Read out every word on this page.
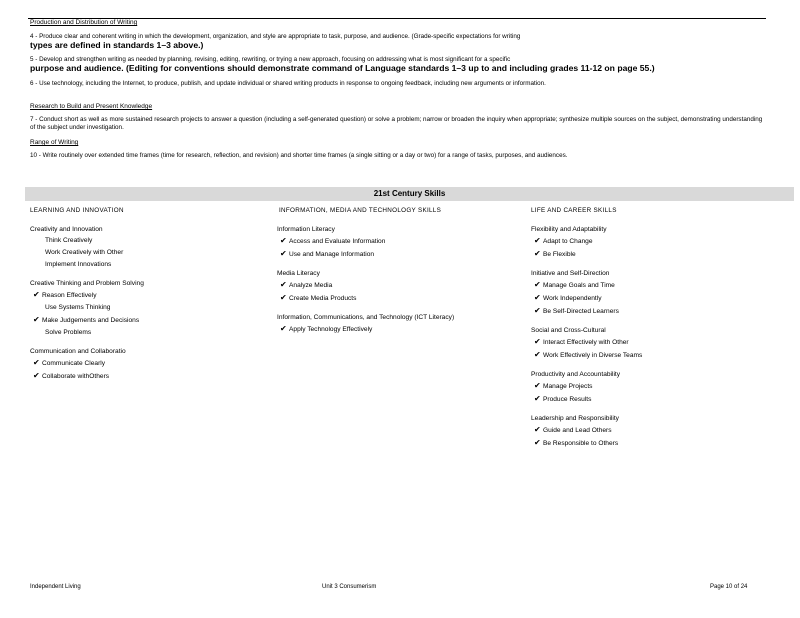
Production and Distribution of Writing
4 - Produce clear and coherent writing in which the development, organization, and style are appropriate to task, purpose, and audience. (Grade-specific expectations for writing
types are defined in standards 1–3 above.)
5 - Develop and strengthen writing as needed by planning, revising, editing, rewriting, or trying a new approach, focusing on addressing what is most significant for a specific
purpose and audience. (Editing for conventions should demonstrate command of Language standards 1–3 up to and including grades 11-12 on page 55.)
6 - Use technology, including the Internet, to produce, publish, and update individual or shared writing products in response to ongoing feedback, including new arguments or information.
Research to Build and Present Knowledge
7 - Conduct short as well as more sustained research projects to answer a question (including a self-generated question) or solve a problem; narrow or broaden the inquiry when appropriate; synthesize multiple sources on the subject, demonstrating understanding of the subject under investigation.
Range of Writing
10 - Write routinely over extended time frames (time for research, reflection, and revision) and shorter time frames (a single sitting or a day or two) for a range of tasks, purposes, and audiences.
21st Century Skills
LEARNING AND INNOVATION	INFORMATION, MEDIA AND TECHNOLOGY SKILLS	LIFE AND CAREER SKILLS
Creativity and Innovation
Think Creatively
Work Creatively with Other
Implement Innovations
Creative Thinking and Problem Solving
✔ Reason Effectively
Use Systems Thinking
✔ Make Judgements and Decisions
Solve Problems
Communication and Collaboratio
✔ Communicate Clearly
✔ Collaborate withOthers
Information Literacy
✔ Access and Evaluate Information
✔ Use and Manage Information
Media Literacy
✔ Analyze Media
✔ Create Media Products
Information, Communications, and Technology (ICT Literacy)
✔ Apply Technology Effectively
Flexibility and Adaptability
✔ Adapt to Change
✔ Be Flexible
Initiative and Self-Direction
✔ Manage Goals and Time
✔ Work Independently
✔ Be Self-Directed Learners
Social and Cross-Cultural
✔ Interact Effectively with Other
✔ Work Effectively in Diverse Teams
Productivity and Accountability
✔ Manage Projects
✔ Produce Results
Leadership and Responsibility
✔ Guide and Lead Others
✔ Be Responsible to Others
Independent Living	Unit 3 Consumerism	Page 10 of 24
